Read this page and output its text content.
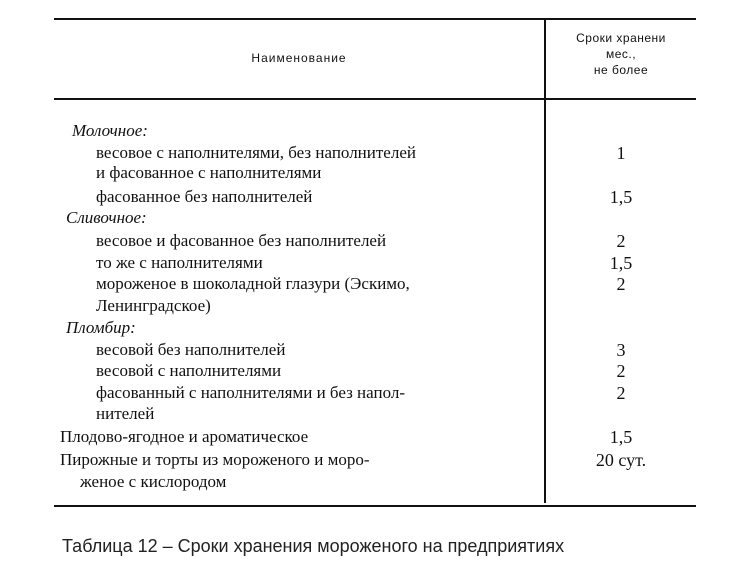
Наименование
Сроки хранени
мес.,
не более
Молочное:
весовое с наполнителями, без наполнителей	1
и фасованное с наполнителями
фасованное без наполнителей	1,5
Сливочное:
весовое и фасованное без наполнителей	2
то же с наполнителями	1,5
мороженое в шоколадной глазури (Эскимо,	2
Ленинградское)
Пломбир:
весовой без наполнителей	3
весовой с наполнителями	2
фасованный с наполнителями и без напол-	2
нителей
Плодово-ягодное и ароматическое	1,5
Пирожные и торты из мороженого и моро-	20 сут.
женое с кислородом
Таблица 12 – Сроки хранения мороженого на предприятиях
